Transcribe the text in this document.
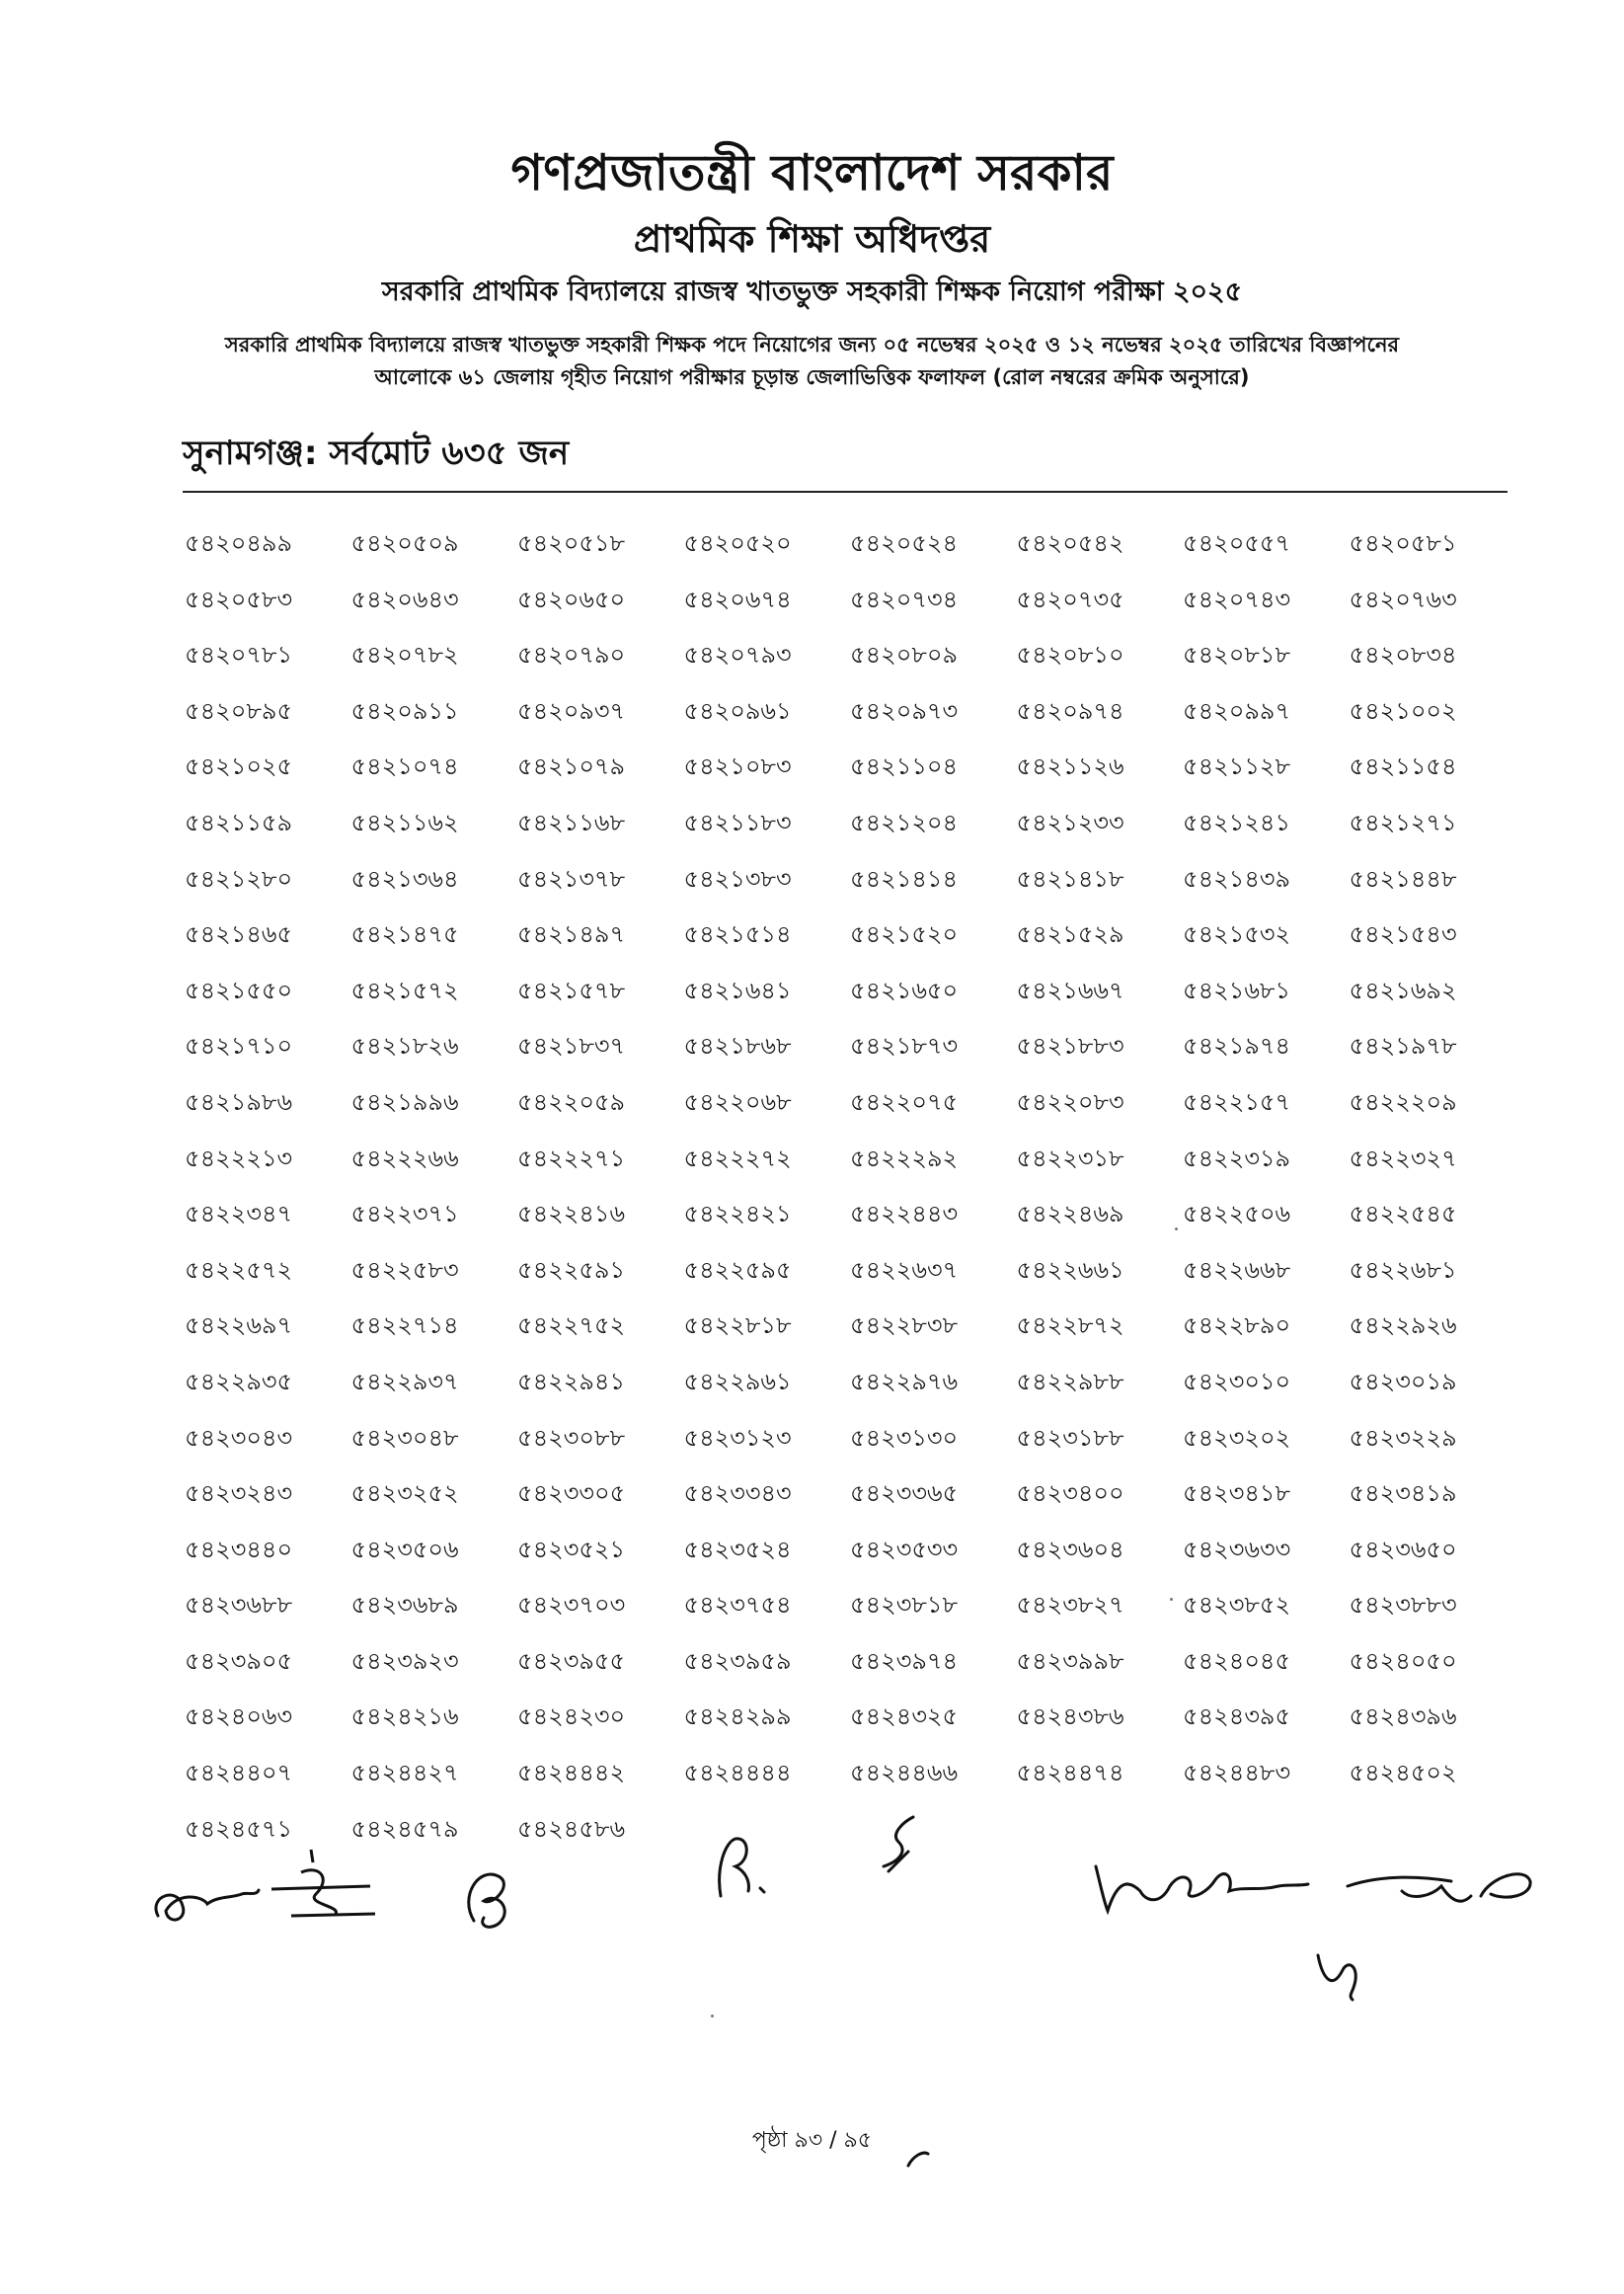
গণপ্রজাতন্ত্রী বাংলাদেশ সরকার
প্রাথমিক শিক্ষা অধিদপ্তর
সরকারি প্রাথমিক বিদ্যালয়ে রাজস্ব খাতভুক্ত সহকারী শিক্ষক নিয়োগ পরীক্ষা ২০২৫
সরকারি প্রাথমিক বিদ্যালয়ে রাজস্ব খাতভুক্ত সহকারী শিক্ষক পদে নিয়োগের জন্য ০৫ নভেম্বর ২০২৫ ও ১২ নভেম্বর ২০২৫ তারিখের বিজ্ঞাপনের
আলোকে ৬১ জেলায় গৃহীত নিয়োগ পরীক্ষার চূড়ান্ত জেলাভিত্তিক ফলাফল (রোল নম্বরের ক্রমিক অনুসারে)
সুনামগঞ্জ: সর্বমোট ৬৩৫ জন
৫৪২০৪৯৯	৫৪২০৫০৯	৫৪২০৫১৮	৫৪২০৫২০	৫৪২০৫২৪	৫৪২০৫৪২	৫৪২০৫৫৭	৫৪২০৫৮১
৫৪২০৫৮৩	৫৪২০৬৪৩	৫৪২০৬৫০	৫৪২০৬৭৪	৫৪২০৭৩৪	৫৪২০৭৩৫	৫৪২০৭৪৩	৫৪২০৭৬৩
৫৪২০৭৮১	৫৪২০৭৮২	৫৪২০৭৯০	৫৪২০৭৯৩	৫৪২০৮০৯	৫৪২০৮১০	৫৪২০৮১৮	৫৪২০৮৩৪
৫৪২০৮৯৫	৫৪২০৯১১	৫৪২০৯৩৭	৫৪২০৯৬১	৫৪২০৯৭৩	৫৪২০৯৭৪	৫৪২০৯৯৭	৫৪২১০০২
৫৪২১০২৫	৫৪২১০৭৪	৫৪২১০৭৯	৫৪২১০৮৩	৫৪২১১০৪	৫৪২১১২৬	৫৪২১১২৮	৫৪২১১৫৪
৫৪২১১৫৯	৫৪২১১৬২	৫৪২১১৬৮	৫৪২১১৮৩	৫৪২১২০৪	৫৪২১২৩৩	৫৪২১২৪১	৫৪২১২৭১
৫৪২১২৮০	৫৪২১৩৬৪	৫৪২১৩৭৮	৫৪২১৩৮৩	৫৪২১৪১৪	৫৪২১৪১৮	৫৪২১৪৩৯	৫৪২১৪৪৮
৫৪২১৪৬৫	৫৪২১৪৭৫	৫৪২১৪৯৭	৫৪২১৫১৪	৫৪২১৫২০	৫৪২১৫২৯	৫৪২১৫৩২	৫৪২১৫৪৩
৫৪২১৫৫০	৫৪২১৫৭২	৫৪২১৫৭৮	৫৪২১৬৪১	৫৪২১৬৫০	৫৪২১৬৬৭	৫৪২১৬৮১	৫৪২১৬৯২
৫৪২১৭১০	৫৪২১৮২৬	৫৪২১৮৩৭	৫৪২১৮৬৮	৫৪২১৮৭৩	৫৪২১৮৮৩	৫৪২১৯৭৪	৫৪২১৯৭৮
৫৪২১৯৮৬	৫৪২১৯৯৬	৫৪২২০৫৯	৫৪২২০৬৮	৫৪২২০৭৫	৫৪২২০৮৩	৫৪২২১৫৭	৫৪২২২০৯
৫৪২২২১৩	৫৪২২২৬৬	৫৪২২২৭১	৫৪২২২৭২	৫৪২২২৯২	৫৪২২৩১৮	৫৪২২৩১৯	৫৪২২৩২৭
৫৪২২৩৪৭	৫৪২২৩৭১	৫৪২২৪১৬	৫৪২২৪২১	৫৪২২৪৪৩	৫৪২২৪৬৯	৫৪২২৫০৬	৫৪২২৫৪৫
৫৪২২৫৭২	৫৪২২৫৮৩	৫৪২২৫৯১	৫৪২২৫৯৫	৫৪২২৬৩৭	৫৪২২৬৬১	৫৪২২৬৬৮	৫৪২২৬৮১
৫৪২২৬৯৭	৫৪২২৭১৪	৫৪২২৭৫২	৫৪২২৮১৮	৫৪২২৮৩৮	৫৪২২৮৭২	৫৪২২৮৯০	৫৪২২৯২৬
৫৪২২৯৩৫	৫৪২২৯৩৭	৫৪২২৯৪১	৫৪২২৯৬১	৫৪২২৯৭৬	৫৪২২৯৮৮	৫৪২৩০১০	৫৪২৩০১৯
৫৪২৩০৪৩	৫৪২৩০৪৮	৫৪২৩০৮৮	৫৪২৩১২৩	৫৪২৩১৩০	৫৪২৩১৮৮	৫৪২৩২০২	৫৪২৩২২৯
৫৪২৩২৪৩	৫৪২৩২৫২	৫৪২৩৩০৫	৫৪২৩৩৪৩	৫৪২৩৩৬৫	৫৪২৩৪০০	৫৪২৩৪১৮	৫৪২৩৪১৯
৫৪২৩৪৪০	৫৪২৩৫০৬	৫৪২৩৫২১	৫৪২৩৫২৪	৫৪২৩৫৩৩	৫৪২৩৬০৪	৫৪২৩৬৩৩	৫৪২৩৬৫০
৫৪২৩৬৮৮	৫৪২৩৬৮৯	৫৪২৩৭০৩	৫৪২৩৭৫৪	৫৪২৩৮১৮	৫৪২৩৮২৭	৫৪২৩৮৫২	৫৪২৩৮৮৩
৫৪২৩৯০৫	৫৪২৩৯২৩	৫৪২৩৯৫৫	৫৪২৩৯৫৯	৫৪২৩৯৭৪	৫৪২৩৯৯৮	৫৪২৪০৪৫	৫৪২৪০৫০
৫৪২৪০৬৩	৫৪২৪২১৬	৫৪২৪২৩০	৫৪২৪২৯৯	৫৪২৪৩২৫	৫৪২৪৩৮৬	৫৪২৪৩৯৫	৫৪২৪৩৯৬
৫৪২৪৪০৭	৫৪২৪৪২৭	৫৪২৪৪৪২	৫৪২৪৪৪৪	৫৪২৪৪৬৬	৫৪২৪৪৭৪	৫৪২৪৪৮৩	৫৪২৪৫০২
৫৪২৪৫৭১	৫৪২৪৫৭৯	৫৪২৪৫৮৬
পৃষ্ঠা ৯৩ / ৯৫
